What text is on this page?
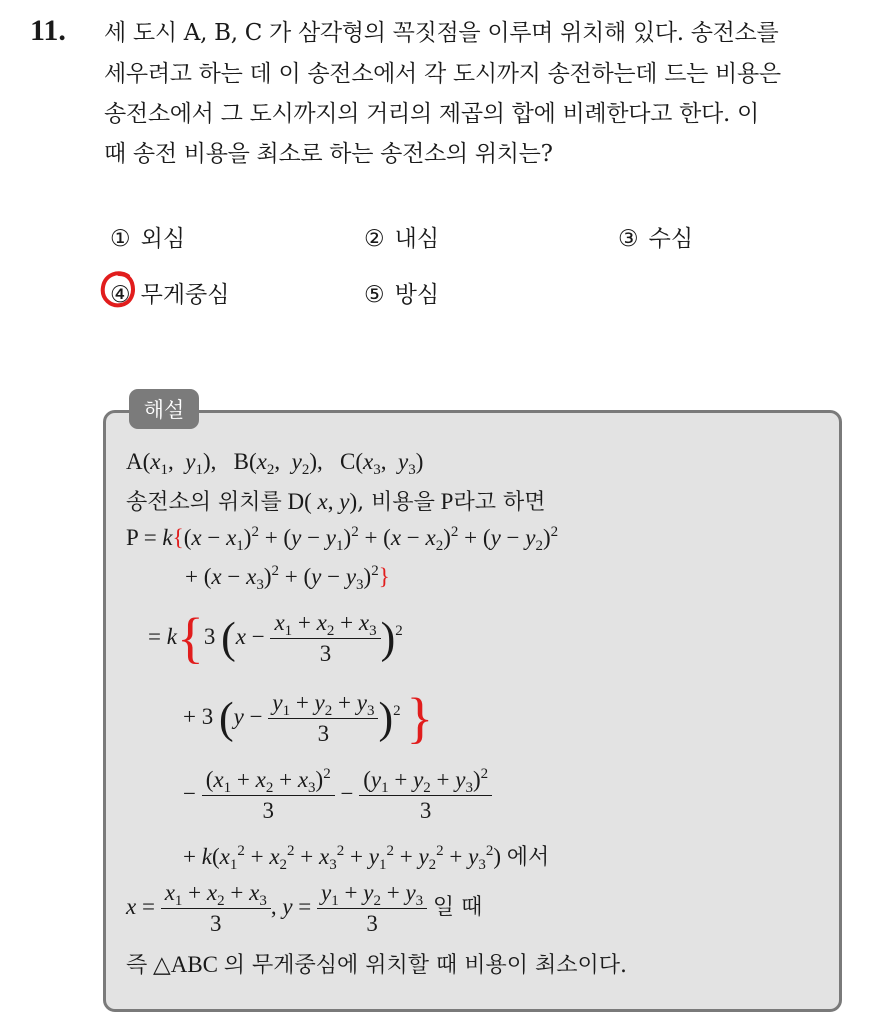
11. 세 도시 A, B, C 가 삼각형의 꼭짓점을 이루며 위치해 있다. 송전소를
세우려고 하는 데 이 송전소에서 각 도시까지 송전하는데 드는 비용은
송전소에서 그 도시까지의 거리의 제곱의 합에 비례한다고 한다. 이
때 송전 비용을 최소로 하는 송전소의 위치는?
① 외심	② 내심	③ 수심
④ 무게중심	⑤ 방심
해설
$A(x_1$,  $y_1$),   $B(x_2$,  $y_2$),   $C(x_3$,  $y_3$)
송전소의 위치를 D( x, y), 비용을 P라고 하면
$P = k\{(x - x_1)^2 + (y - y_1)^2 + (x - x_2)^2 + (y - y_2)^2$
+ $(x - x_3)^2 + (y - y_3)^2$}
= k{3 $(x - \frac{x_1 + x_2 + x_3}{3} )^2$
+ 3 $(y - \frac{y_1 + y_2 + y_3}{3} )^2$ }
− $\frac{(x_1 + x_2 + x_3)^2}{3} - \frac{(y_1 + y_2 + y_3)^2}{3}$
+ $k(x_1^2 + x_2^2 + x_3^2 + y_1^2 + y_2^2 + y_3^2)$ 에서
$x = \frac{x_1 + x_2 + x_3}{3}$ , $y = \frac{y_1 + y_2 + y_3}{3}$ 일 때
즉 △ABC 의 무게중심에 위치할 때 비용이 최소이다.
